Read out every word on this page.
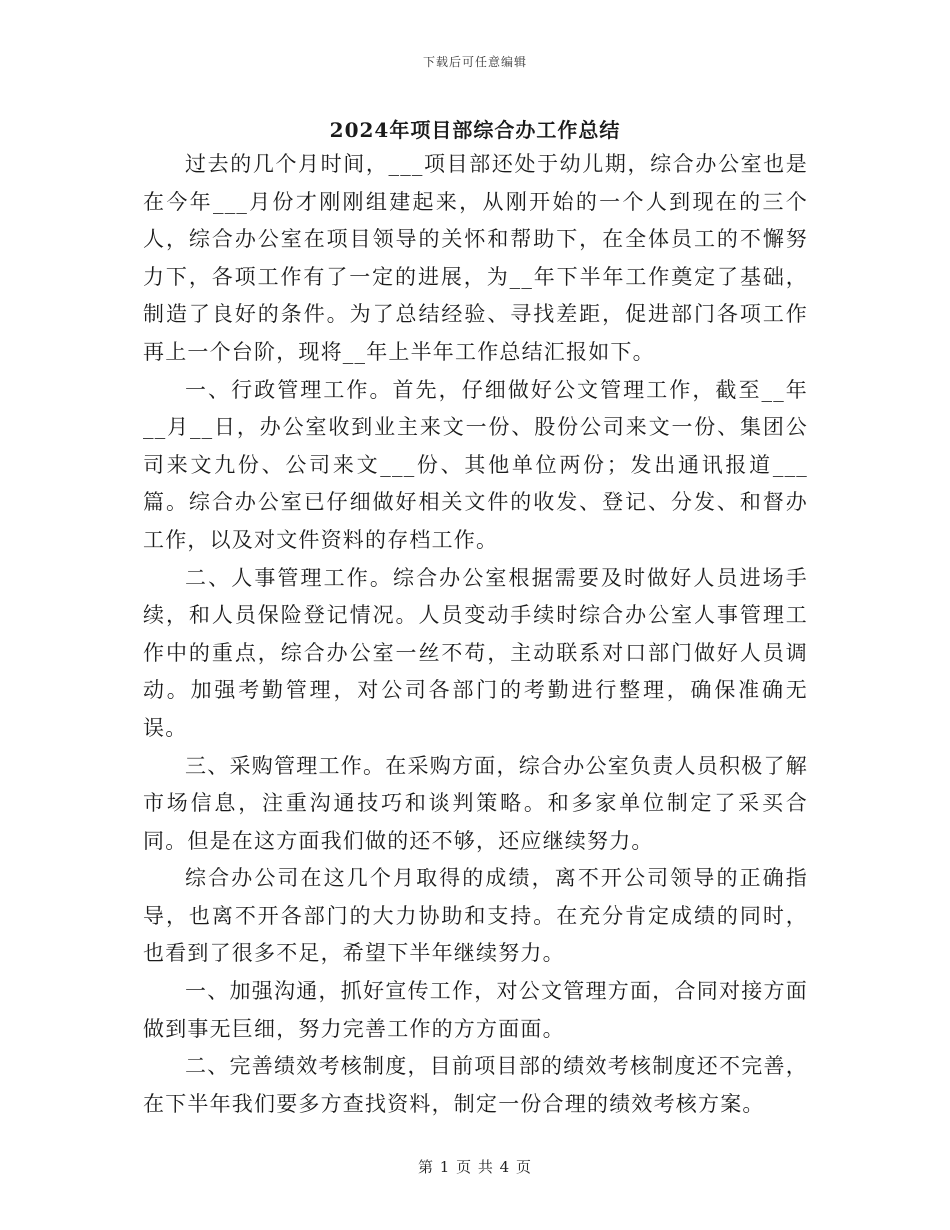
下载后可任意编辑
2024年项目部综合办工作总结

过去的几个月时间，___项目部还处于幼儿期，综合办公室也是在今年___月份才刚刚组建起来，从刚开始的一个人到现在的三个人，综合办公室在项目领导的关怀和帮助下，在全体员工的不懈努力下，各项工作有了一定的进展，为__年下半年工作奠定了基础，制造了良好的条件。为了总结经验、寻找差距，促进部门各项工作再上一个台阶，现将__年上半年工作总结汇报如下。

一、行政管理工作。首先，仔细做好公文管理工作，截至__年__月__日，办公室收到业主来文一份、股份公司来文一份、集团公司来文九份、公司来文___份、其他单位两份；发出通讯报道___篇。综合办公室已仔细做好相关文件的收发、登记、分发、和督办工作，以及对文件资料的存档工作。

二、人事管理工作。综合办公室根据需要及时做好人员进场手续，和人员保险登记情况。人员变动手续时综合办公室人事管理工作中的重点，综合办公室一丝不苟，主动联系对口部门做好人员调动。加强考勤管理，对公司各部门的考勤进行整理，确保准确无误。

三、采购管理工作。在采购方面，综合办公室负责人员积极了解市场信息，注重沟通技巧和谈判策略。和多家单位制定了采买合同。但是在这方面我们做的还不够，还应继续努力。

综合办公司在这几个月取得的成绩，离不开公司领导的正确指导，也离不开各部门的大力协助和支持。在充分肯定成绩的同时，也看到了很多不足，希望下半年继续努力。

一、加强沟通，抓好宣传工作，对公文管理方面，合同对接方面做到事无巨细，努力完善工作的方方面面。

二、完善绩效考核制度，目前项目部的绩效考核制度还不完善，在下半年我们要多方查找资料，制定一份合理的绩效考核方案。

第 1 页 共 4 页
